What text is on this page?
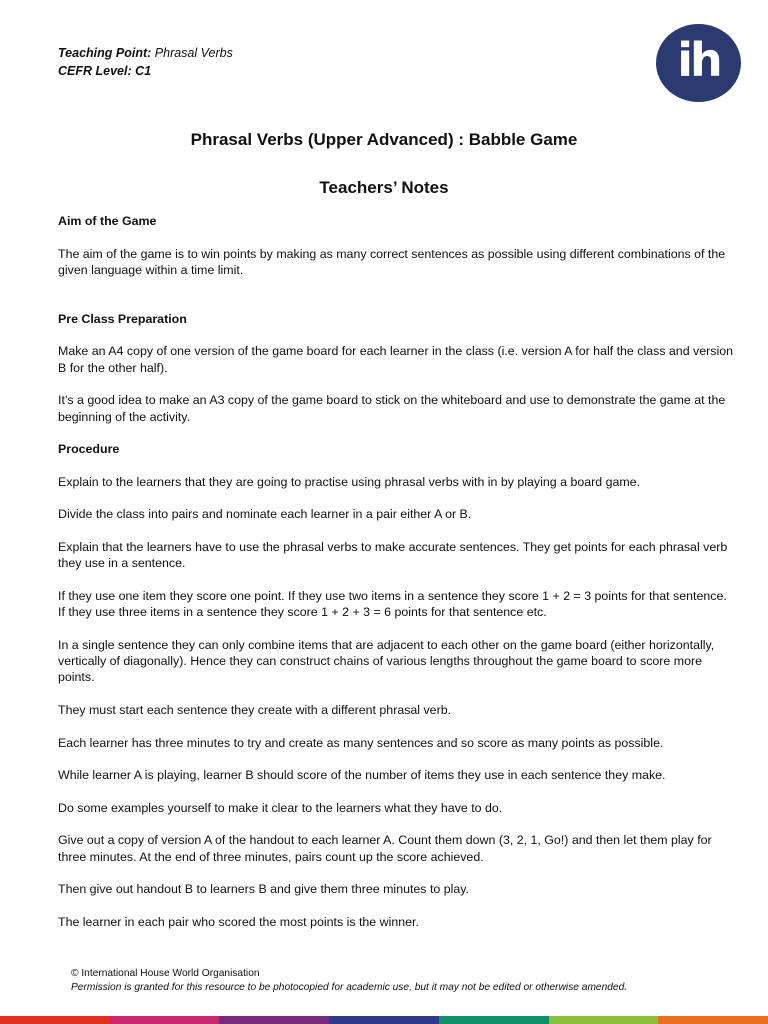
Teaching Point: Phrasal Verbs
CEFR Level: C1	ih
Phrasal Verbs (Upper Advanced) : Babble Game
Teachers’ Notes
Aim of the Game

The aim of the game is to win points by making as many correct sentences as possible using different combinations of the given language within a time limit.

Pre Class Preparation

Make an A4 copy of one version of the game board for each learner in the class (i.e. version A for half the class and version B for the other half).

It’s a good idea to make an A3 copy of the game board to stick on the whiteboard and use to demonstrate the game at the beginning of the activity.

Procedure

Explain to the learners that they are going to practise using phrasal verbs with in by playing a board game.

Divide the class into pairs and nominate each learner in a pair either A or B.

Explain that the learners have to use the phrasal verbs to make accurate sentences. They get points for each phrasal verb they use in a sentence.

If they use one item they score one point. If they use two items in a sentence they score 1 + 2 = 3 points for that sentence. If they use three items in a sentence they score 1 + 2 + 3 = 6 points for that sentence etc.

In a single sentence they can only combine items that are adjacent to each other on the game board (either horizontally, vertically of diagonally). Hence they can construct chains of various lengths throughout the game board to score more points.

They must start each sentence they create with a different phrasal verb.

Each learner has three minutes to try and create as many sentences and so score as many points as possible.

While learner A is playing, learner B should score of the number of items they use in each sentence they make.

Do some examples yourself to make it clear to the learners what they have to do.

Give out a copy of version A of the handout to each learner A. Count them down (3, 2, 1, Go!) and then let them play for three minutes. At the end of three minutes, pairs count up the score achieved.

Then give out handout B to learners B and give them three minutes to play.

The learner in each pair who scored the most points is the winner.

© International House World Organisation
Permission is granted for this resource to be photocopied for academic use, but it may not be edited or otherwise amended.
